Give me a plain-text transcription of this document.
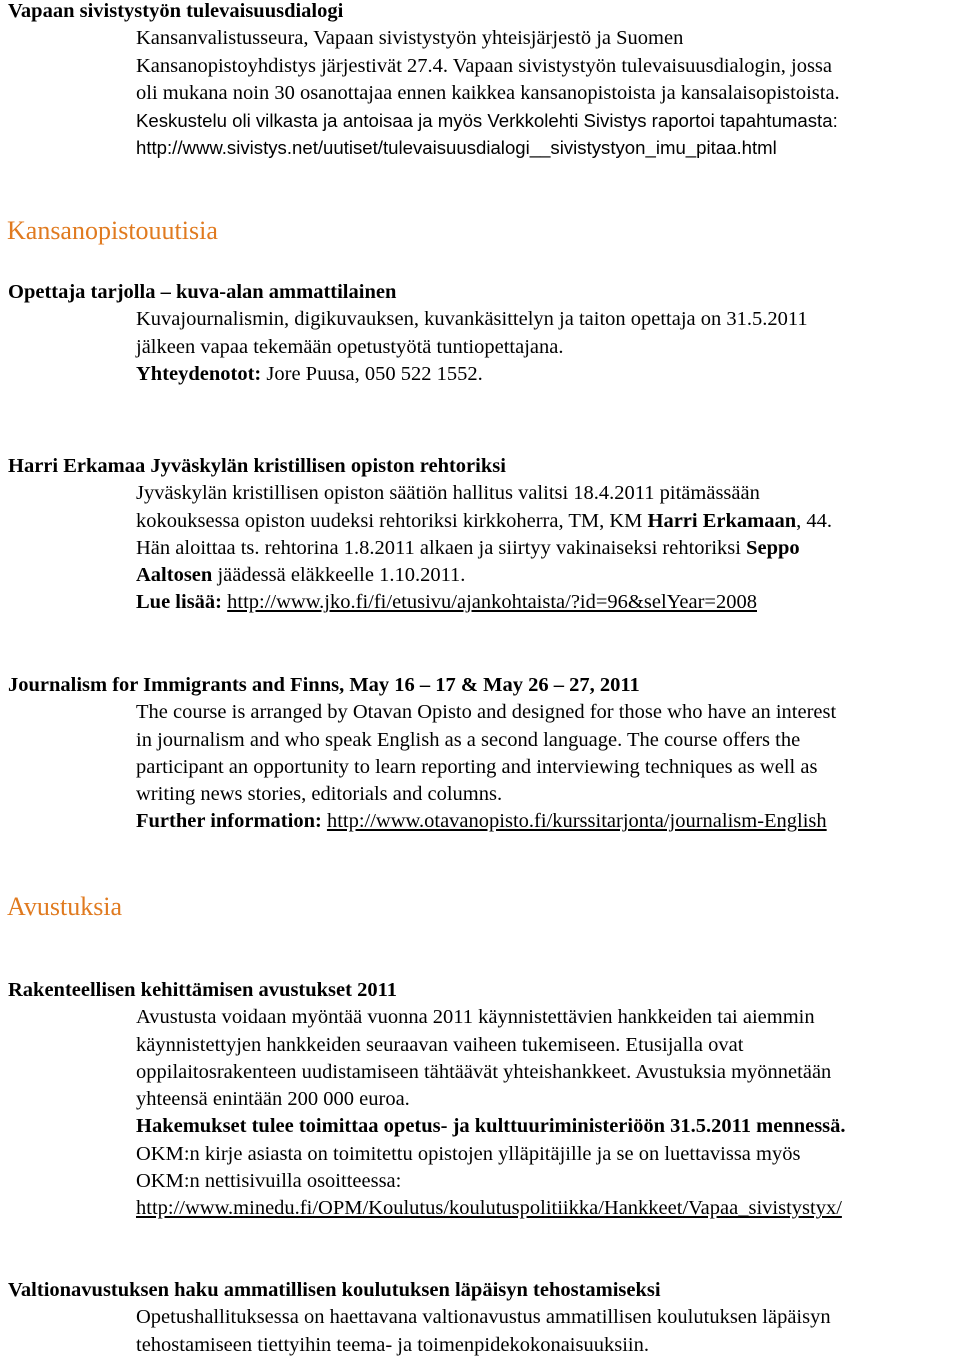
Vapaan sivistystyön tulevaisuusdialogi
Kansanvalistusseura, Vapaan sivistystyön yhteisjärjestö ja Suomen
Kansanopistoyhdistys järjestivät 27.4. Vapaan sivistystyön tulevaisuusdialogin, jossa
oli mukana noin 30 osanottajaa ennen kaikkea kansanopistoista ja kansalaisopistoista.
Keskustelu oli vilkasta ja antoisaa ja myös Verkkolehti Sivistys raportoi tapahtumasta:
http://www.sivistys.net/uutiset/tulevaisuusdialogi__sivistystyon_imu_pitaa.html
Kansanopistouutisia
Opettaja tarjolla – kuva-alan ammattilainen
Kuvajournalismin, digikuvauksen, kuvankäsittelyn ja taiton opettaja on 31.5.2011
jälkeen vapaa tekemään opetustyötä tuntiopettajana.
Yhteydenotot: Jore Puusa, 050 522 1552.
Harri Erkamaa Jyväskylän kristillisen opiston rehtoriksi
Jyväskylän kristillisen opiston säätiön hallitus valitsi 18.4.2011 pitämässään
kokouksessa opiston uudeksi rehtoriksi kirkkoherra, TM, KM Harri Erkamaan, 44.
Hän aloittaa ts. rehtorina 1.8.2011 alkaen ja siirtyy vakinaiseksi rehtoriksi Seppo
Aaltosen jäädessä eläkkeelle 1.10.2011.
Lue lisää: http://www.jko.fi/fi/etusivu/ajankohtaista/?id=96&selYear=2008
Journalism for Immigrants and Finns, May 16 – 17 & May 26 – 27, 2011
The course is arranged by Otavan Opisto and designed for those who have an interest
in journalism and who speak English as a second language. The course offers the
participant an opportunity to learn reporting and interviewing techniques as well as
writing news stories, editorials and columns.
Further information: http://www.otavanopisto.fi/kurssitarjonta/journalism-English
Avustuksia
Rakenteellisen kehittämisen avustukset 2011
Avustusta voidaan myöntää vuonna 2011 käynnistettävien hankkeiden tai aiemmin
käynnistettyjen hankkeiden seuraavan vaiheen tukemiseen. Etusijalla ovat
oppilaitosrakenteen uudistamiseen tähtäävät yhteishankkeet. Avustuksia myönnetään
yhteensä enintään 200 000 euroa.
Hakemukset tulee toimittaa opetus- ja kulttuuriministeriöön 31.5.2011 mennessä.
OKM:n kirje asiasta on toimitettu opistojen ylläpitäjille ja se on luettavissa myös
OKM:n nettisivuilla osoitteessa:
http://www.minedu.fi/OPM/Koulutus/koulutuspolitiikka/Hankkeet/Vapaa_sivistystyx/
Valtionavustuksen haku ammatillisen koulutuksen läpäisyn tehostamiseksi
Opetushallituksessa on haettavana valtionavustus ammatillisen koulutuksen läpäisyn
tehostamiseen tiettyihin teema- ja toimenpidekokonaisuuksiin.
